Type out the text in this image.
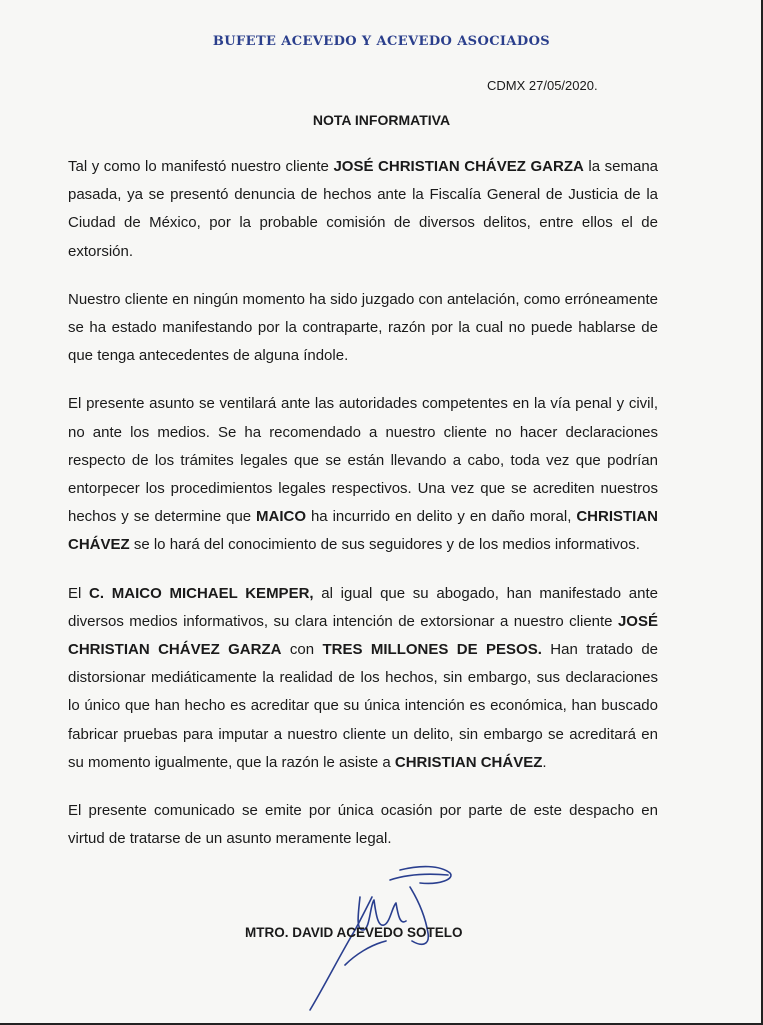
BUFETE ACEVEDO Y ACEVEDO ASOCIADOS
CDMX 27/05/2020.
NOTA INFORMATIVA

Tal y como lo manifestó nuestro cliente JOSÉ CHRISTIAN CHÁVEZ GARZA la semana pasada, ya se presentó denuncia de hechos ante la Fiscalía General de Justicia de la Ciudad de México, por la probable comisión de diversos delitos, entre ellos el de extorsión.

Nuestro cliente en ningún momento ha sido juzgado con antelación, como erróneamente se ha estado manifestando por la contraparte, razón por la cual no puede hablarse de que tenga antecedentes de alguna índole.

El presente asunto se ventilará ante las autoridades competentes en la vía penal y civil, no ante los medios. Se ha recomendado a nuestro cliente no hacer declaraciones respecto de los trámites legales que se están llevando a cabo, toda vez que podrían entorpecer los procedimientos legales respectivos. Una vez que se acrediten nuestros hechos y se determine que MAICO ha incurrido en delito y en daño moral, CHRISTIAN CHÁVEZ se lo hará del conocimiento de sus seguidores y de los medios informativos.

El C. MAICO MICHAEL KEMPER, al igual que su abogado, han manifestado ante diversos medios informativos, su clara intención de extorsionar a nuestro cliente JOSÉ CHRISTIAN CHÁVEZ GARZA con TRES MILLONES DE PESOS. Han tratado de distorsionar mediáticamente la realidad de los hechos, sin embargo, sus declaraciones lo único que han hecho es acreditar que su única intención es económica, han buscado fabricar pruebas para imputar a nuestro cliente un delito, sin embargo se acreditará en su momento igualmente, que la razón le asiste a CHRISTIAN CHÁVEZ.

El presente comunicado se emite por única ocasión por parte de este despacho en virtud de tratarse de un asunto meramente legal.

MTRO. DAVID ACEVEDO SOTELO
